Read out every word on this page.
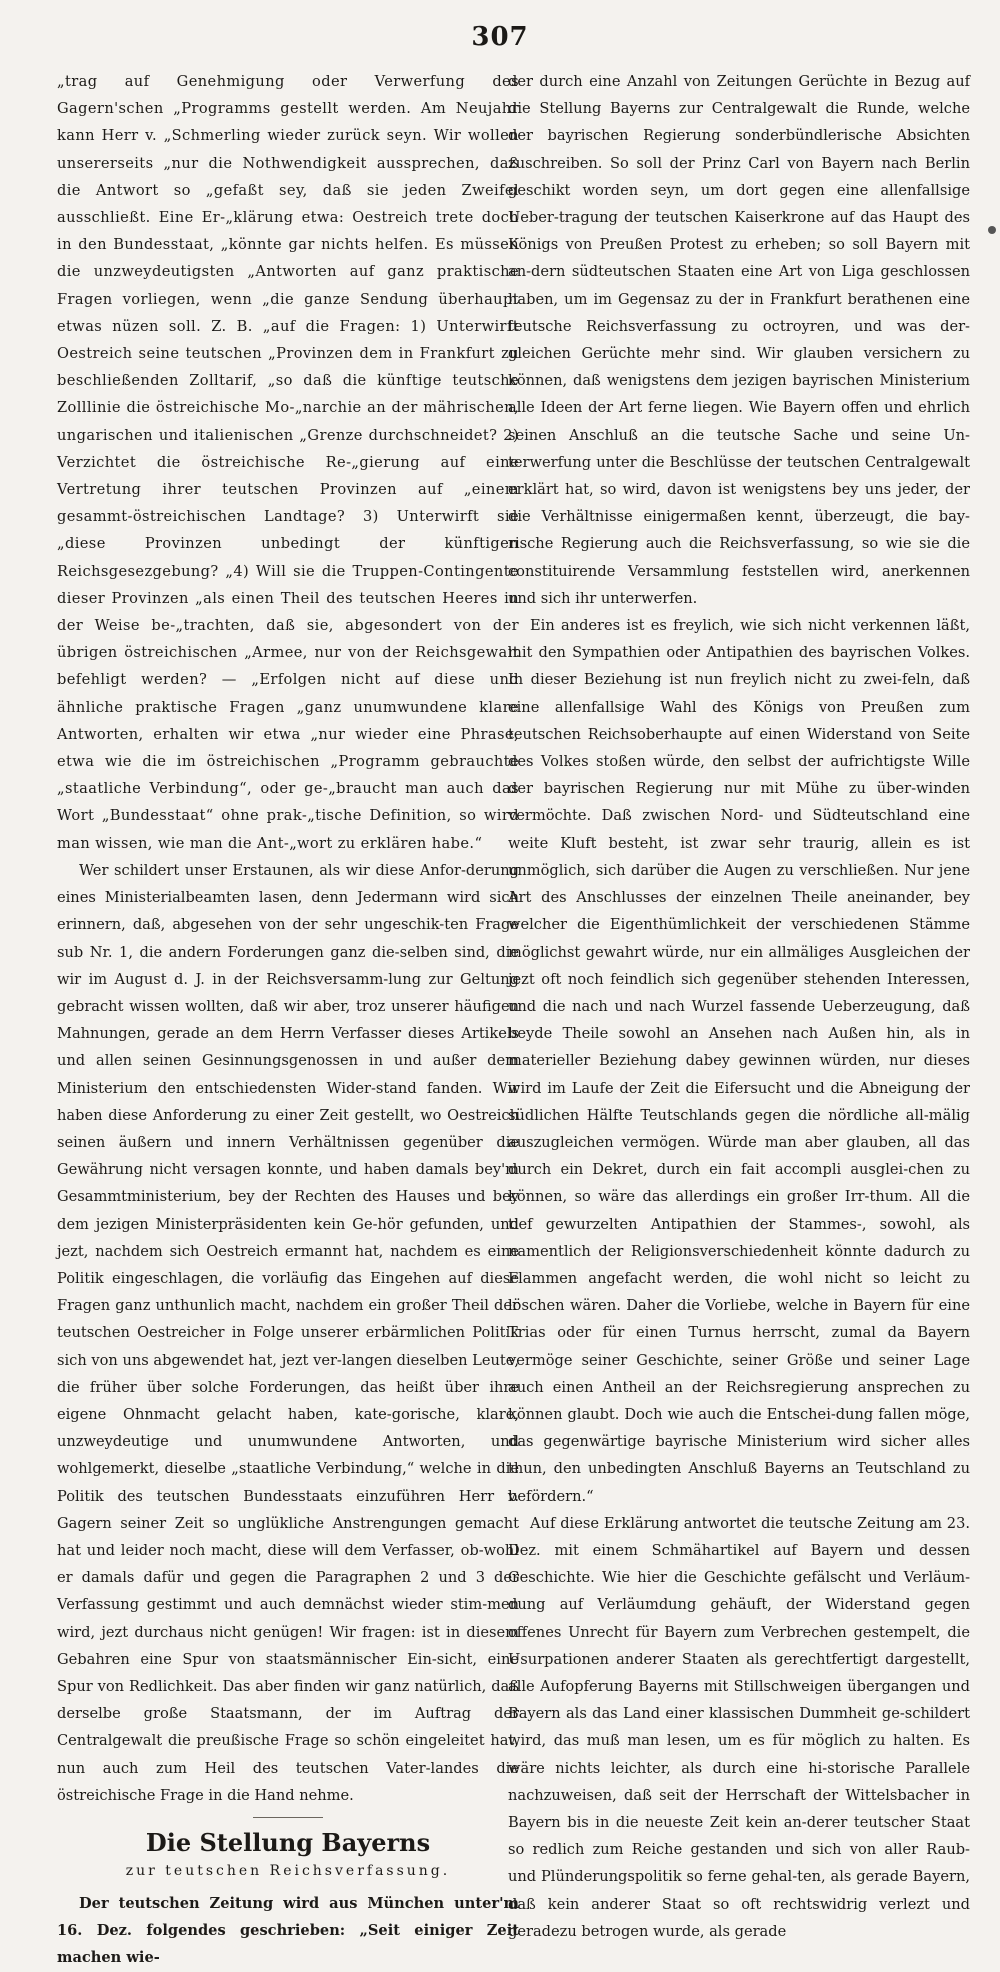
307

„trag auf Genehmigung oder Verwerfung des Gagern'schen „Programms gestellt werden. Am Neujahr kann Herr v. „Schmerling wieder zurück seyn. Wir wollen unsererseits „nur die Nothwendigkeit aussprechen, daß die Antwort so „gefaßt sey, daß sie jeden Zweifel ausschließt. Eine Er-„klärung etwa: Oestreich trete doch in den Bundesstaat, „könnte gar nichts helfen. Es müssen die unzweydeutigsten „Antworten auf ganz praktische Fragen vorliegen, wenn „die ganze Sendung überhaupt etwas nüzen soll. Z. B. „auf die Fragen: 1) Unterwirft Oestreich seine teutschen „Provinzen dem in Frankfurt zu beschließenden Zolltarif, „so daß die künftige teutsche Zolllinie die östreichische Mo-„narchie an der mährischen, ungarischen und italienischen „Grenze durchschneidet? 2) Verzichtet die östreichische Re-„gierung auf eine Vertretung ihrer teutschen Provinzen auf „einem gesammt-östreichischen Landtage? 3) Unterwirft sie „diese Provinzen unbedingt der künftigen Reichsgesezgebung? „4) Will sie die Truppen-Contingente dieser Provinzen „als einen Theil des teutschen Heeres in der Weise be-„trachten, daß sie, abgesondert von der übrigen östreichischen „Armee, nur von der Reichsgewalt befehligt werden? — „Erfolgen nicht auf diese und ähnliche praktische Fragen „ganz unumwundene klare Antworten, erhalten wir etwa „nur wieder eine Phrase, etwa wie die im östreichischen „Programm gebrauchte „staatliche Verbindung“, oder ge-„braucht man auch das Wort „Bundesstaat“ ohne prak-„tische Definition, so wird man wissen, wie man die Ant-„wort zu erklären habe.“

Wer schildert unser Erstaunen, als wir diese Anfor-derung eines Ministerialbeamten lasen, denn Jedermann wird sich erinnern, daß, abgesehen von der sehr ungeschik-ten Frage sub Nr. 1, die andern Forderungen ganz die-selben sind, die wir im August d. J. in der Reichsversamm-lung zur Geltung gebracht wissen wollten, daß wir aber, troz unserer häufigen Mahnungen, gerade an dem Herrn Verfasser dieses Artikels und allen seinen Gesinnungsgenossen in und außer dem Ministerium den entschiedensten Wider-stand fanden. Wir haben diese Anforderung zu einer Zeit gestellt, wo Oestreich seinen äußern und innern Verhältnissen gegenüber die Gewährung nicht versagen konnte, und haben damals bey'm Gesammtministerium, bey der Rechten des Hauses und bey dem jezigen Ministerpräsidenten kein Ge-hör gefunden, und jezt, nachdem sich Oestreich ermannt hat, nachdem es eine Politik eingeschlagen, die vorläufig das Eingehen auf diese Fragen ganz unthunlich macht, nachdem ein großer Theil der teutschen Oestreicher in Folge unserer erbärmlichen Politik sich von uns abgewendet hat, jezt ver-langen dieselben Leute, die früher über solche Forderungen, das heißt über ihre eigene Ohnmacht gelacht haben, kate-gorische, klare, unzweydeutige und unumwundene Antworten, und wohlgemerkt, dieselbe „staatliche Verbindung,“ welche in die Politik des teutschen Bundesstaats einzuführen Herr v. Gagern seiner Zeit so unglükliche Anstrengungen gemacht hat und leider noch macht, diese will dem Verfasser, ob-wohl er damals dafür und gegen die Paragraphen 2 und 3 der Verfassung gestimmt und auch demnächst wieder stim-men wird, jezt durchaus nicht genügen! Wir fragen: ist in diesem Gebahren eine Spur von staatsmännischer Ein-sicht, eine Spur von Redlichkeit. Das aber finden wir ganz natürlich, daß derselbe große Staatsmann, der im Auftrag der Centralgewalt die preußische Frage so schön eingeleitet hat, nun auch zum Heil des teutschen Vater-landes die östreichische Frage in die Hand nehme.

Die Stellung Bayerns
zur teutschen Reichsverfassung.

Der teutschen Zeitung wird aus München unter'm 16. Dez. folgendes geschrieben: „Seit einiger Zeit machen wie-

der durch eine Anzahl von Zeitungen Gerüchte in Bezug auf die Stellung Bayerns zur Centralgewalt die Runde, welche der bayrischen Regierung sonderbündlerische Absichten zuschreiben. So soll der Prinz Carl von Bayern nach Berlin geschikt worden seyn, um dort gegen eine allenfallsige Ueber-tragung der teutschen Kaiserkrone auf das Haupt des Königs von Preußen Protest zu erheben; so soll Bayern mit an-dern südteutschen Staaten eine Art von Liga geschlossen haben, um im Gegensaz zu der in Frankfurt berathenen eine teutsche Reichsverfassung zu octroyren, und was der-gleichen Gerüchte mehr sind. Wir glauben versichern zu können, daß wenigstens dem jezigen bayrischen Ministerium alle Ideen der Art ferne liegen. Wie Bayern offen und ehrlich seinen Anschluß an die teutsche Sache und seine Un-terwerfung unter die Beschlüsse der teutschen Centralgewalt erklärt hat, so wird, davon ist wenigstens bey uns jeder, der die Verhältnisse einigermaßen kennt, überzeugt, die bay-rische Regierung auch die Reichsverfassung, so wie sie die constituirende Versammlung feststellen wird, anerkennen und sich ihr unterwerfen.

Ein anderes ist es freylich, wie sich nicht verkennen läßt, mit den Sympathien oder Antipathien des bayrischen Volkes. In dieser Beziehung ist nun freylich nicht zu zwei-feln, daß eine allenfallsige Wahl des Königs von Preußen zum teutschen Reichsoberhaupte auf einen Widerstand von Seite des Volkes stoßen würde, den selbst der aufrichtigste Wille der bayrischen Regierung nur mit Mühe zu über-winden vermöchte. Daß zwischen Nord- und Südteutschland eine weite Kluft besteht, ist zwar sehr traurig, allein es ist unmöglich, sich darüber die Augen zu verschließen. Nur jene Art des Anschlusses der einzelnen Theile aneinander, bey welcher die Eigenthümlichkeit der verschiedenen Stämme möglichst gewahrt würde, nur ein allmäliges Ausgleichen der jezt oft noch feindlich sich gegenüber stehenden Interessen, und die nach und nach Wurzel fassende Ueberzeugung, daß beyde Theile sowohl an Ansehen nach Außen hin, als in materieller Beziehung dabey gewinnen würden, nur dieses wird im Laufe der Zeit die Eifersucht und die Abneigung der südlichen Hälfte Teutschlands gegen die nördliche all-mälig auszugleichen vermögen. Würde man aber glauben, all das durch ein Dekret, durch ein fait accompli ausglei-chen zu können, so wäre das allerdings ein großer Irr-thum. All die tief gewurzelten Antipathien der Stammes-, sowohl, als namentlich der Religionsverschiedenheit könnte dadurch zu Flammen angefacht werden, die wohl nicht so leicht zu löschen wären. Daher die Vorliebe, welche in Bayern für eine Trias oder für einen Turnus herrscht, zumal da Bayern vermöge seiner Geschichte, seiner Größe und seiner Lage auch einen Antheil an der Reichsregierung ansprechen zu können glaubt. Doch wie auch die Entschei-dung fallen möge, das gegenwärtige bayrische Ministerium wird sicher alles thun, den unbedingten Anschluß Bayerns an Teutschland zu befördern.“

Auf diese Erklärung antwortet die teutsche Zeitung am 23. Dez. mit einem Schmähartikel auf Bayern und dessen Geschichte. Wie hier die Geschichte gefälscht und Verläum-dung auf Verläumdung gehäuft, der Widerstand gegen offenes Unrecht für Bayern zum Verbrechen gestempelt, die Usurpationen anderer Staaten als gerechtfertigt dargestellt, alle Aufopferung Bayerns mit Stillschweigen übergangen und Bayern als das Land einer klassischen Dummheit ge-schildert wird, das muß man lesen, um es für möglich zu halten. Es wäre nichts leichter, als durch eine hi-storische Parallele nachzuweisen, daß seit der Herrschaft der Wittelsbacher in Bayern bis in die neueste Zeit kein an-derer teutscher Staat so redlich zum Reiche gestanden und sich von aller Raub- und Plünderungspolitik so ferne gehal-ten, als gerade Bayern, daß kein anderer Staat so oft rechtswidrig verlezt und geradezu betrogen wurde, als gerade
